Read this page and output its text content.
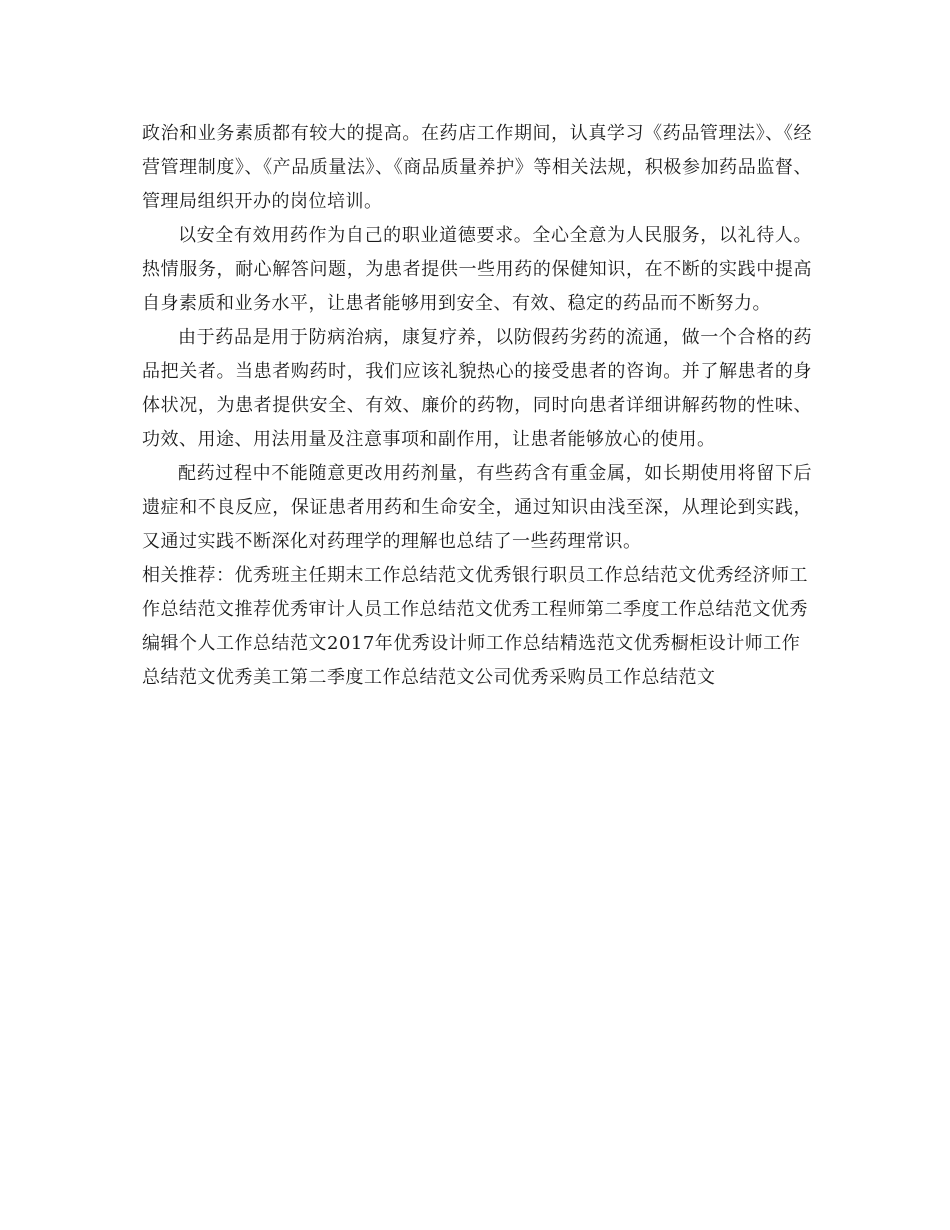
政治和业务素质都有较大的提高。在药店工作期间，认真学习《药品管理法》、《经营管理制度》、《产品质量法》、《商品质量养护》等相关法规，积极参加药品监督、管理局组织开办的岗位培训。

以安全有效用药作为自己的职业道德要求。全心全意为人民服务，以礼待人。热情服务，耐心解答问题，为患者提供一些用药的保健知识，在不断的实践中提高自身素质和业务水平，让患者能够用到安全、有效、稳定的药品而不断努力。

由于药品是用于防病治病，康复疗养，以防假药劣药的流通，做一个合格的药品把关者。当患者购药时，我们应该礼貌热心的接受患者的咨询。并了解患者的身体状况，为患者提供安全、有效、廉价的药物，同时向患者详细讲解药物的性味、功效、用途、用法用量及注意事项和副作用，让患者能够放心的使用。

配药过程中不能随意更改用药剂量，有些药含有重金属，如长期使用将留下后遗症和不良反应，保证患者用药和生命安全，通过知识由浅至深，从理论到实践，又通过实践不断深化对药理学的理解也总结了一些药理常识。

相关推荐：优秀班主任期末工作总结范文优秀银行职员工作总结范文优秀经济师工作总结范文推荐优秀审计人员工作总结范文优秀工程师第二季度工作总结范文优秀编辑个人工作总结范文2017年优秀设计师工作总结精选范文优秀橱柜设计师工作总结范文优秀美工第二季度工作总结范文公司优秀采购员工作总结范文
